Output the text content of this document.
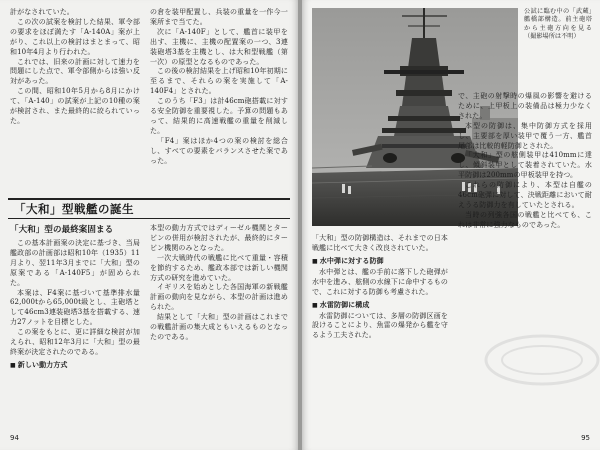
計がなされていた。

この次の試案を検討した結果、軍令部の要求をほぼ満たす「A-140A」案が上がり、これ以上の検討はまとまって、昭和10年4月より行われた。

これでは、旧来の計画に対して速力を問題にした点で、軍令部側からは強い反対があった。

この間、昭和10年5月から8月にかけて、「A-140」の試案が上記の10種の案が検討され、また最終的に絞られていった。

の倉を装甲配置し、兵装の重量を一作今一案所まで当てた。

次に「A-140F」として、艦首に装甲を出す、主機に、主機の配置案の一つ、3連装砲塔3基を主機とし、は大和型戦艦（第一次）の原型となるものであった。

この後の検討結果を上げ昭和10年初期に至るまで、それらの案を実施して「A-140F4」とされた。

このうち「F3」は計46cm砲搭載に対する安全防御を重要視した。予算の問題もあって、結果的に高速戦艦の重量を削減した。

「F4」案はほか4つの案の検討を総合し、すべての要素をバランスさせた案であった。

「大和」型戦艦の誕生

「大和」型の最終案固まる

この基本計画案の決定に基づき、当局艦政部の計画部は昭和10年（1935）11月より、翌11年3月までに「大和」型の原案である「A-140F5」が固められた。

本案は、F4案に基づいて基準排水量62,000tから65,000t級とし、主砲塔として46cm3連装砲塔3基を搭載する、速力27ノットを目標とした。

この案をもとに、更に詳細な検討が加えられ、昭和12年3月に「大和」型の最終案が決定されたのである。

■ 新しい動力方式

本型の動力方式ではディーゼル機関とタービンの併用が検討されたが、最終的にタービン機関のみとなった。

一次大戦時代の戦艦に比べて重量・容積を節約するため、艦政本部では新しい機関方式の研究を進めていた。

イギリスを始めとした各国海軍の新戦艦計画の動向を見ながら、本型の計画は進められた。

結果として「大和」型の計画はこれまでの戦艦計画の集大成ともいえるものとなったのである。

94
公試に臨む中の「武蔵」艦橋部構造。前主砲塔から主砲方向を見る（撮影場所は不明）

で、主砲の射撃時の爆風の影響を避けるために、上甲板上の装備品は極力少なくされた。

本型の防御は、集中防御方式を採用し、主要部を厚い装甲で覆う一方、艦首尾部は比較的軽防御とされた。

「大和」型の舷側装甲は410mmに達し、傾斜装甲として装着されていた。水平防御は200mmの甲板装甲を持つ。

これらの防御により、本型は自艦の46cm砲弾に対して、決戦距離において耐えうる防御力を有していたとされる。

当時の列強各国の戦艦と比べても、これは非常に強力なものであった。

「大和」型の防御構造は、それまでの日本戦艦に比べて大きく改良されていた。

■ 水中弾に対する防御

水中弾とは、艦の手前に落下した砲弾が水中を進み、舷側の水線下に命中するもので、これに対する防御も考慮された。

■ 水雷防御に構成

水雷防御については、多層の防御区画を設けることにより、魚雷の爆発から艦を守るよう工夫された。

95
